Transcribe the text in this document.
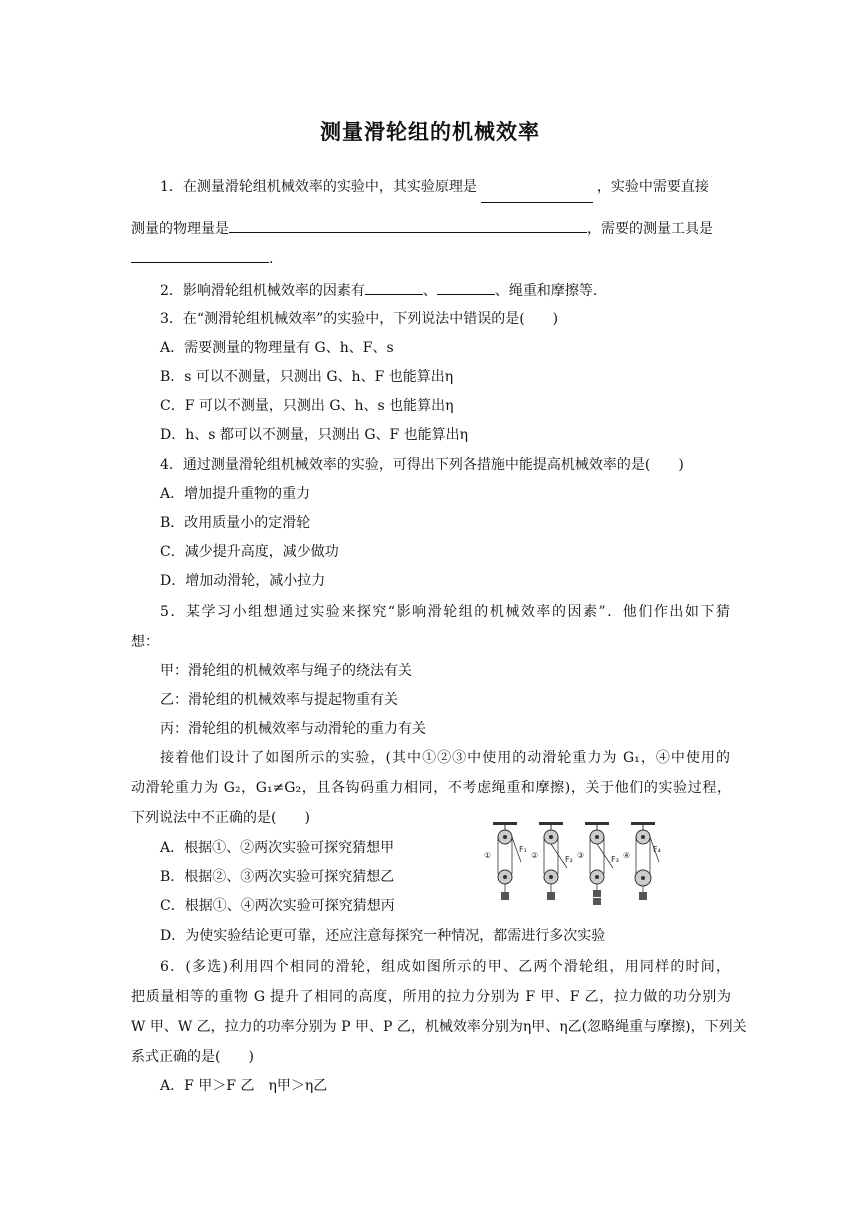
测量滑轮组的机械效率
1．在测量滑轮组机械效率的实验中，其实验原理是	，实验中需要直接
测量的物理量是	，需要的测量工具是
.
2．影响滑轮组机械效率的因素有	、	、绳重和摩擦等.
3．在“测滑轮组机械效率”的实验中，下列说法中错误的是(　　)
A．需要测量的物理量有 G、h、F、s
B．s 可以不测量，只测出 G、h、F 也能算出η
C．F 可以不测量，只测出 G、h、s 也能算出η
D．h、s 都可以不测量，只测出 G、F 也能算出η
4．通过测量滑轮组机械效率的实验，可得出下列各措施中能提高机械效率的是(　　)
A．增加提升重物的重力
B．改用质量小的定滑轮
C．减少提升高度，减少做功
D．增加动滑轮，减小拉力
5．某学习小组想通过实验来探究“影响滑轮组的机械效率的因素”．他们作出如下猜
想：
甲：滑轮组的机械效率与绳子的绕法有关
乙：滑轮组的机械效率与提起物重有关
丙：滑轮组的机械效率与动滑轮的重力有关
接着他们设计了如图所示的实验，(其中①②③中使用的动滑轮重力为 G₁，④中使用的
动滑轮重力为 G₂，G₁≠G₂，且各钩码重力相同，不考虑绳重和摩擦)，关于他们的实验过程，
下列说法中不正确的是(　　)
A．根据①、②两次实验可探究猜想甲
B．根据②、③两次实验可探究猜想乙
C．根据①、④两次实验可探究猜想丙
D．为使实验结论更可靠，还应注意每探究一种情况，都需进行多次实验
①
F₁
②	F₂ ③	F₃ ④
F₄
6．(多选)利用四个相同的滑轮，组成如图所示的甲、乙两个滑轮组，用同样的时间，
把质量相等的重物 G 提升了相同的高度，所用的拉力分别为 F 甲、F 乙，拉力做的功分别为
W 甲、W 乙，拉力的功率分别为 P 甲、P 乙，机械效率分别为η甲、η乙(忽略绳重与摩擦)，下列关
系式正确的是(　　)
A．F 甲＞F 乙　η甲＞η乙
